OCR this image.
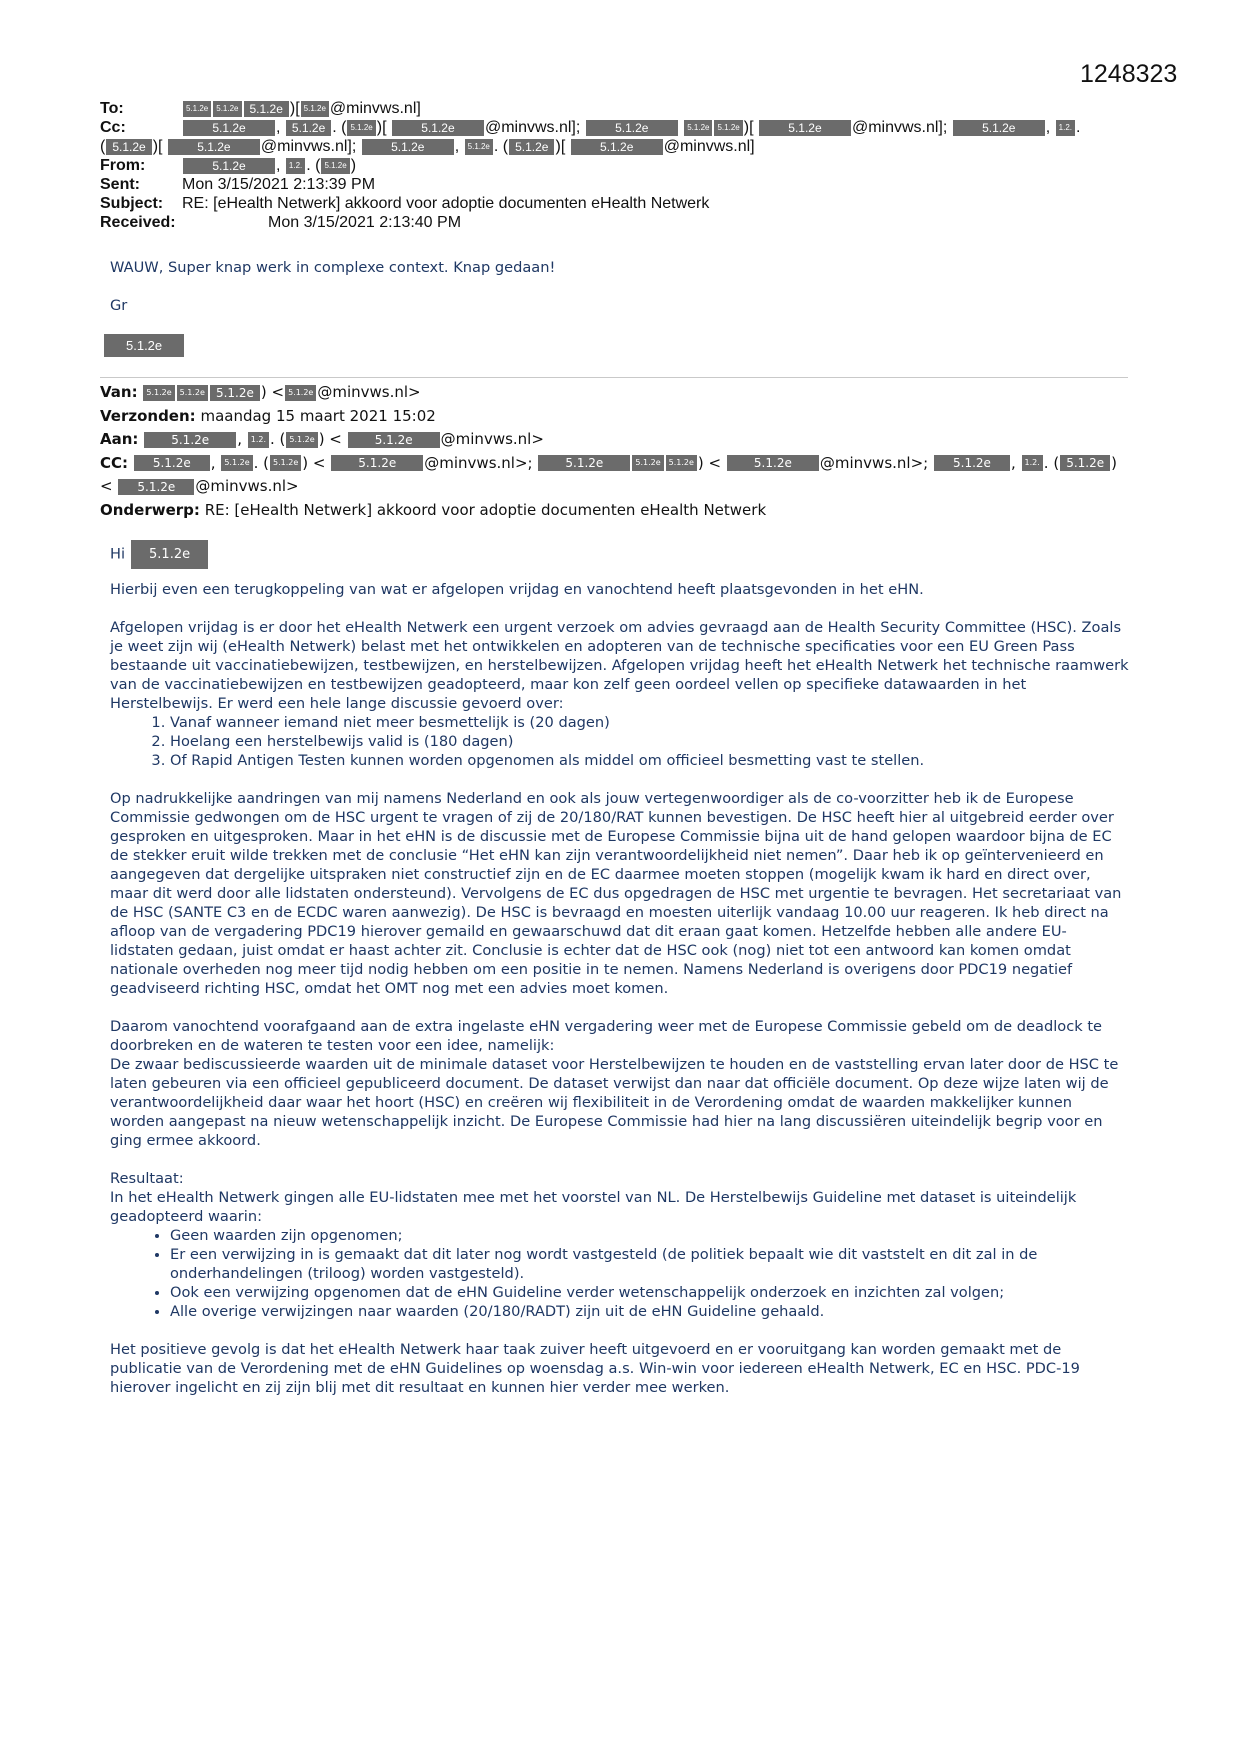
1248323
To:	5.1.2e 5.1.2e 5.1.2e )[ 5.1.2e @minvws.nl]
Cc:	5.1.2e , 5.1.2e . ( 5.1.2e )[	5.1.2e @minvws.nl];	5.1.2e	5.1.2e 5.1.2e )[	5.1.2e @minvws.nl];	5.1.2e , 1.2. .
( 5.1.2e )[	5.1.2e @minvws.nl];	5.1.2e , 5.1.2e . ( 5.1.2e )[	5.1.2e @minvws.nl]
From:	5.1.2e , 1.2. . ( 5.1.2e )
Sent:	Mon 3/15/2021 2:13:39 PM
Subject: RE: [eHealth Netwerk] akkoord voor adoptie documenten eHealth Netwerk
Received:	Mon 3/15/2021 2:13:40 PM
WAUW, Super knap werk in complexe context. Knap gedaan!
Gr
5.1.2e
Van: 5.1.2e 5.1.2e 5.1.2e ) < 5.1.2e @minvws.nl>
Verzonden: maandag 15 maart 2021 15:02
Aan:	5.1.2e , 1.2. . ( 5.1.2e ) < 5.1.2e @minvws.nl>
CC: 5.1.2e , 5.1.2e . ( 5.1.2e ) < 5.1.2e @minvws.nl>;	5.1.2e	5.1.2e 5.1.2e ) < 5.1.2e @minvws.nl>; 5.1.2e , 1.2. . ( 5.1.2e )
< 5.1.2e @minvws.nl>
Onderwerp: RE: [eHealth Netwerk] akkoord voor adoptie documenten eHealth Netwerk
Hi 5.1.2e

Hierbij even een terugkoppeling van wat er afgelopen vrijdag en vanochtend heeft plaatsgevonden in het eHN.

Afgelopen vrijdag is er door het eHealth Netwerk een urgent verzoek om advies gevraagd aan de Health Security Committee (HSC). Zoals je weet zijn wij (eHealth Netwerk) belast met het ontwikkelen en adopteren van de technische specificaties voor een EU Green Pass bestaande uit vaccinatiebewijzen, testbewijzen, en herstelbewijzen. Afgelopen vrijdag heeft het eHealth Netwerk het technische raamwerk van de vaccinatiebewijzen en testbewijzen geadopteerd, maar kon zelf geen oordeel vellen op specifieke datawaarden in het Herstelbewijs. Er werd een hele lange discussie gevoerd over:

1. Vanaf wanneer iemand niet meer besmettelijk is (20 dagen)
2. Hoelang een herstelbewijs valid is (180 dagen)
3. Of Rapid Antigen Testen kunnen worden opgenomen als middel om officieel besmetting vast te stellen.

Op nadrukkelijke aandringen van mij namens Nederland en ook als jouw vertegenwoordiger als de co-voorzitter heb ik de Europese Commissie gedwongen om de HSC urgent te vragen of zij de 20/180/RAT kunnen bevestigen. De HSC heeft hier al uitgebreid eerder over gesproken en uitgesproken. Maar in het eHN is de discussie met de Europese Commissie bijna uit de hand gelopen waardoor bijna de EC de stekker eruit wilde trekken met de conclusie “Het eHN kan zijn verantwoordelijkheid niet nemen”. Daar heb ik op geïntervenieerd en aangegeven dat dergelijke uitspraken niet constructief zijn en de EC daarmee moeten stoppen (mogelijk kwam ik hard en direct over, maar dit werd door alle lidstaten ondersteund). Vervolgens de EC dus opgedragen de HSC met urgentie te bevragen. Het secretariaat van de HSC (SANTE C3 en de ECDC waren aanwezig). De HSC is bevraagd en moesten uiterlijk vandaag 10.00 uur reageren. Ik heb direct na afloop van de vergadering PDC19 hierover gemaild en gewaarschuwd dat dit eraan gaat komen. Hetzelfde hebben alle andere EU-lidstaten gedaan, juist omdat er haast achter zit. Conclusie is echter dat de HSC ook (nog) niet tot een antwoord kan komen omdat nationale overheden nog meer tijd nodig hebben om een positie in te nemen. Namens Nederland is overigens door PDC19 negatief geadviseerd richting HSC, omdat het OMT nog met een advies moet komen.

Daarom vanochtend voorafgaand aan de extra ingelaste eHN vergadering weer met de Europese Commissie gebeld om de deadlock te doorbreken en de wateren te testen voor een idee, namelijk:
De zwaar bediscussieerde waarden uit de minimale dataset voor Herstelbewijzen te houden en de vaststelling ervan later door de HSC te laten gebeuren via een officieel gepubliceerd document. De dataset verwijst dan naar dat officiële document. Op deze wijze laten wij de verantwoordelijkheid daar waar het hoort (HSC) en creëren wij flexibiliteit in de Verordening omdat de waarden makkelijker kunnen worden aangepast na nieuw wetenschappelijk inzicht. De Europese Commissie had hier na lang discussiëren uiteindelijk begrip voor en ging ermee akkoord.

Resultaat:
In het eHealth Netwerk gingen alle EU-lidstaten mee met het voorstel van NL. De Herstelbewijs Guideline met dataset is uiteindelijk geadopteerd waarin:

• Geen waarden zijn opgenomen;
• Er een verwijzing in is gemaakt dat dit later nog wordt vastgesteld (de politiek bepaalt wie dit vaststelt en dit zal in de onderhandelingen (triloog) worden vastgesteld).
• Ook een verwijzing opgenomen dat de eHN Guideline verder wetenschappelijk onderzoek en inzichten zal volgen;
• Alle overige verwijzingen naar waarden (20/180/RADT) zijn uit de eHN Guideline gehaald.

Het positieve gevolg is dat het eHealth Netwerk haar taak zuiver heeft uitgevoerd en er vooruitgang kan worden gemaakt met de publicatie van de Verordening met de eHN Guidelines op woensdag a.s. Win-win voor iedereen eHealth Netwerk, EC en HSC. PDC-19 hierover ingelicht en zij zijn blij met dit resultaat en kunnen hier verder mee werken.
